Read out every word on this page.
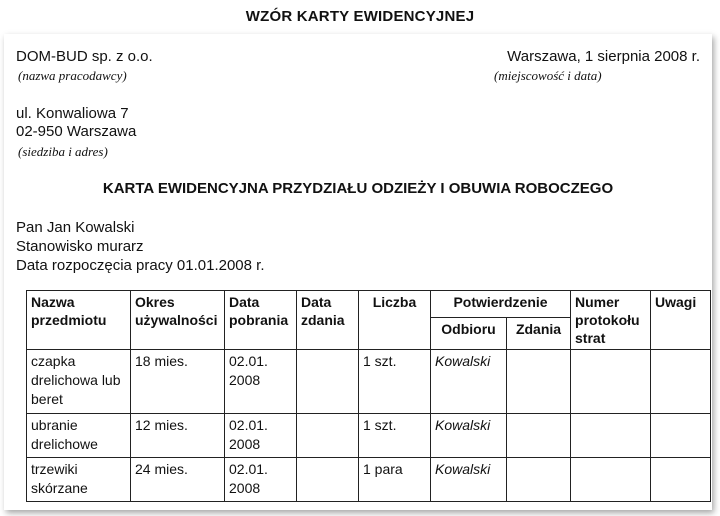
WZÓR KARTY EWIDENCYJNEJ
DOM-BUD sp. z o.o.
(nazwa pracodawcy)
Warszawa, 1 sierpnia 2008 r.
(miejscowość i data)
ul. Konwaliowa 7
02-950 Warszawa
(siedziba i adres)
KARTA EWIDENCYJNA PRZYDZIAŁU ODZIEŻY I OBUWIA ROBOCZEGO
Pan Jan Kowalski
Stanowisko murarz
Data rozpoczęcia pracy 01.01.2008 r.
Nazwa przedmiotu	Okres używalności	Data pobrania	Data zdania	Liczba	Potwierdzenie		Numer protokołu strat	Uwagi
					Odbioru	Zdania		
czapka drelichowa lub beret	18 mies.	02.01. 2008		1 szt.	Kowalski			
ubranie drelichowe	12 mies.	02.01. 2008		1 szt.	Kowalski			
trzewiki skórzane	24 mies.	02.01. 2008		1 para	Kowalski			
